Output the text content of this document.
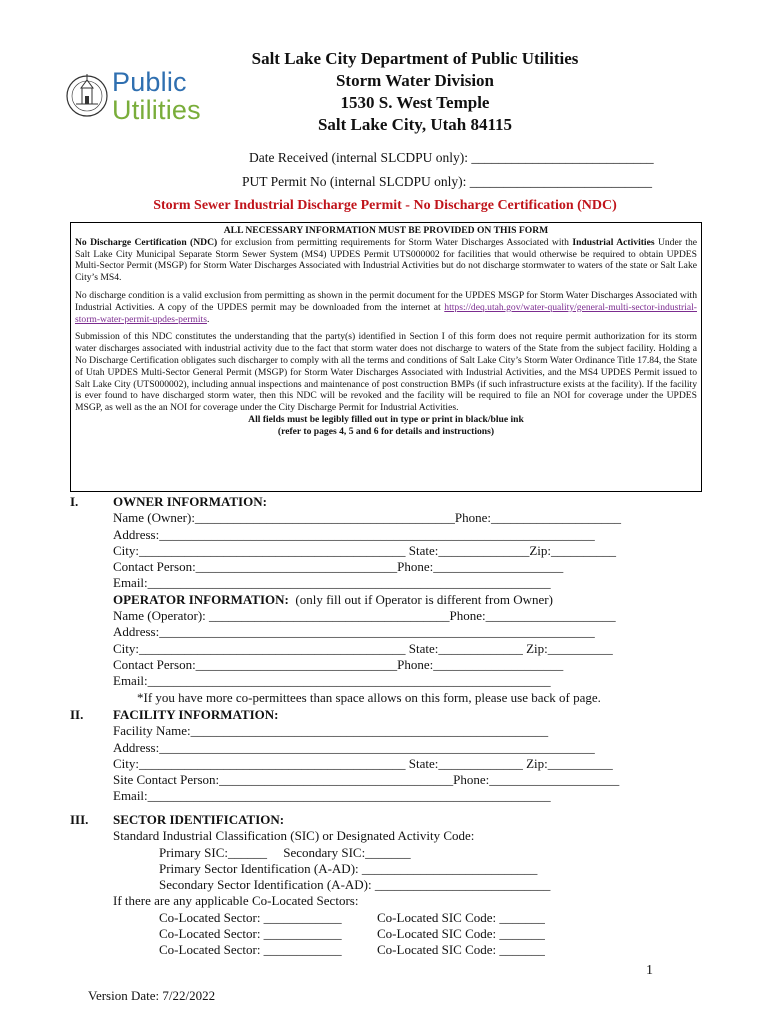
Public
Utilities
Salt Lake City Department of Public Utilities
Storm Water Division
1530 S. West Temple
Salt Lake City, Utah 84115
Date Received (internal SLCDPU only): ___________________________
PUT Permit No (internal SLCDPU only): ___________________________
Storm Sewer Industrial Discharge Permit - No Discharge Certification (NDC)

ALL NECESSARY INFORMATION MUST BE PROVIDED ON THIS FORM

No Discharge Certification (NDC) for exclusion from permitting requirements for Storm Water Discharges Associated with Industrial Activities Under the Salt Lake City Municipal Separate Storm Sewer System (MS4) UPDES Permit UTS000002 for facilities that would otherwise be required to obtain UPDES Multi-Sector Permit (MSGP) for Storm Water Discharges Associated with Industrial Activities but do not discharge stormwater to waters of the state or Salt Lake City’s MS4.

No discharge condition is a valid exclusion from permitting as shown in the permit document for the UPDES MSGP for Storm Water Discharges Associated with Industrial Activities. A copy of the UPDES permit may be downloaded from the internet at https://deq.utah.gov/water-quality/general-multi-sector-industrial-storm-water-permit-updes-permits.

Submission of this NDC constitutes the understanding that the party(s) identified in Section I of this form does not require permit authorization for its storm water discharges associated with industrial activity due to the fact that storm water does not discharge to waters of the State from the subject facility. Holding a No Discharge Certification obligates such discharger to comply with all the terms and conditions of Salt Lake City’s Storm Water Ordinance Title 17.84, the State of Utah UPDES Multi-Sector General Permit (MSGP) for Storm Water Discharges Associated with Industrial Activities, and the MS4 UPDES Permit issued to Salt Lake City (UTS000002), including annual inspections and maintenance of post construction BMPs (if such infrastructure exists at the facility). If the facility is ever found to have discharged storm water, then this NDC will be revoked and the facility will be required to file an NOI for coverage under the UPDES MSGP, as well as the an NOI for coverage under the City Discharge Permit for Industrial Activities.

All fields must be legibly filled out in type or print in black/blue ink

(refer to pages 4, 5 and 6 for details and instructions)

I.	OWNER INFORMATION:
Name (Owner):________________________________________Phone:____________________
Address:___________________________________________________________________
City:_________________________________________ State:______________Zip:__________
Contact Person:_______________________________Phone:____________________
Email:______________________________________________________________
OPERATOR INFORMATION:  (only fill out if Operator is different from Owner)
Name (Operator): _____________________________________Phone:____________________
Address:___________________________________________________________________
City:_________________________________________ State:_____________ Zip:__________
Contact Person:_______________________________Phone:____________________
Email:______________________________________________________________
*If you have more co-permittees than space allows on this form, please use back of page.
II. FACILITY INFORMATION:
Facility Name:_______________________________________________________
Address:___________________________________________________________________
City:_________________________________________ State:_____________ Zip:__________
Site Contact Person:____________________________________Phone:____________________
Email:______________________________________________________________
III. SECTOR IDENTIFICATION:
Standard Industrial Classification (SIC) or Designated Activity Code:
Primary SIC:______     Secondary SIC:_______
Primary Sector Identification (A-AD): ___________________________
Secondary Sector Identification (A-AD): ___________________________
If there are any applicable Co-Located Sectors:
Co-Located Sector: ____________	Co-Located SIC Code: _______
Co-Located Sector: ____________	Co-Located SIC Code: _______
Co-Located Sector: ____________	Co-Located SIC Code: _______
1
Version Date: 7/22/2022
